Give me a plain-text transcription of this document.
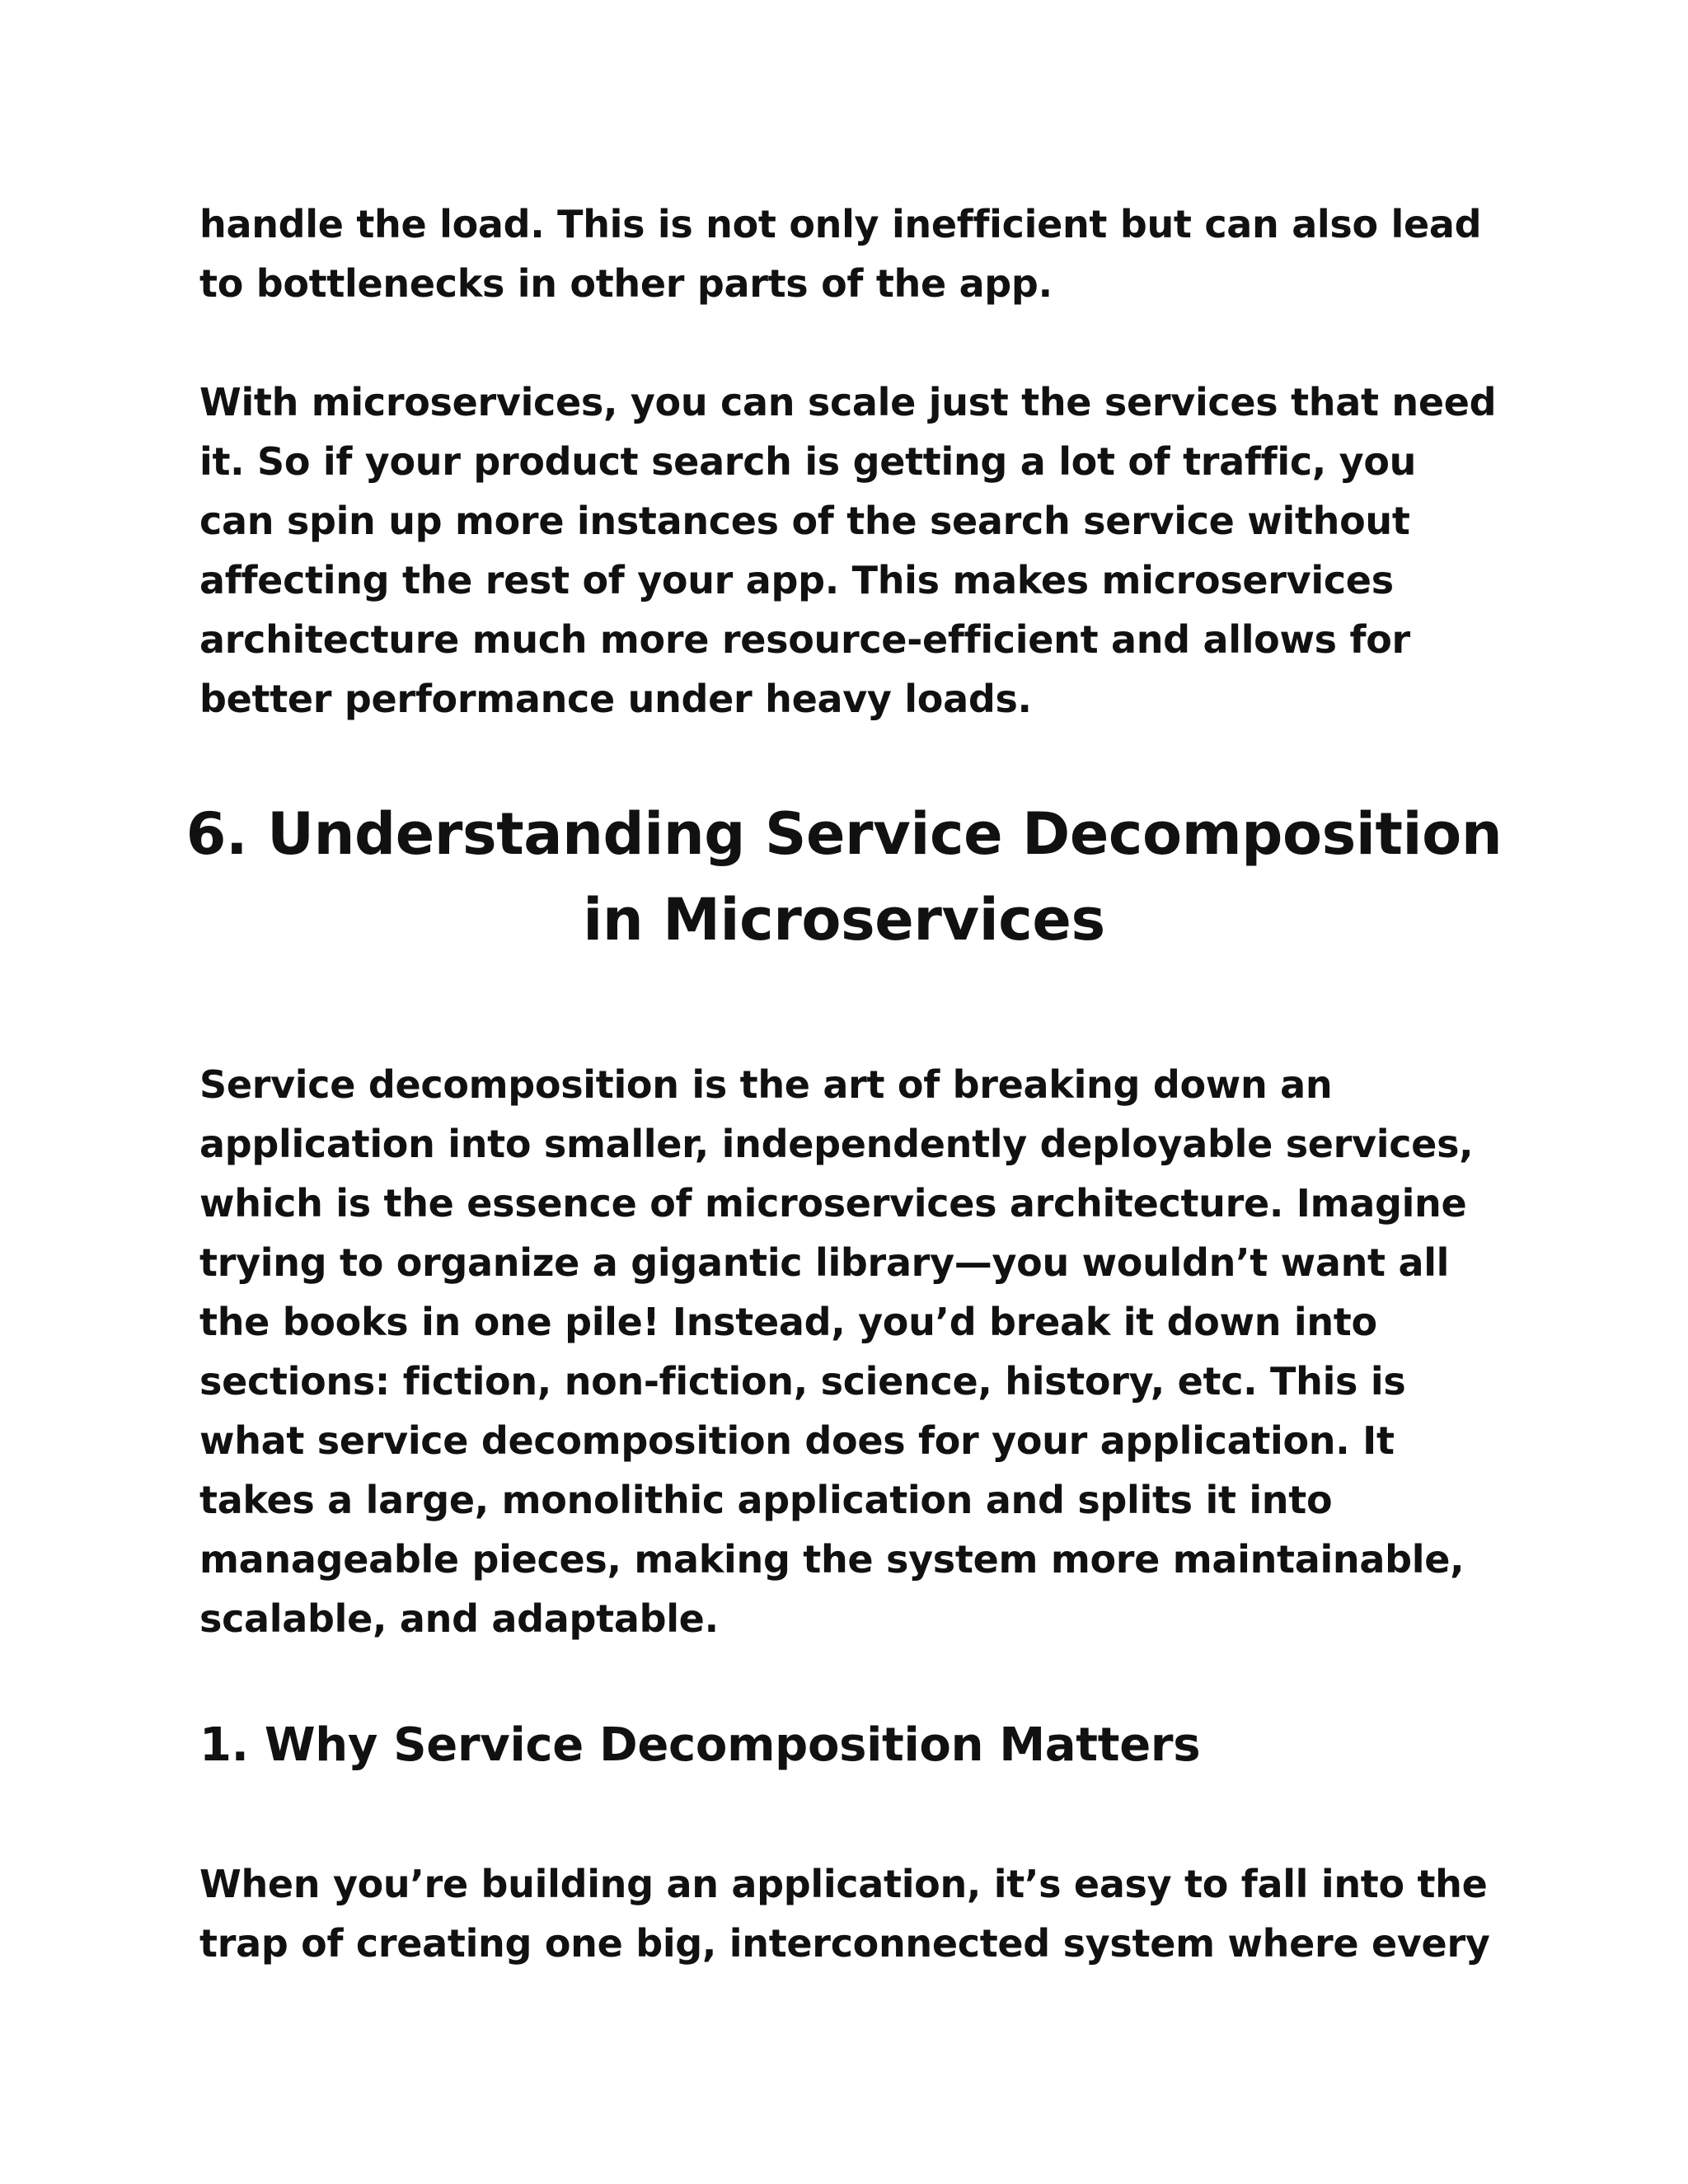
handle the load. This is not only inefficient but can also lead to bottlenecks in other parts of the app.

With microservices, you can scale just the services that need it. So if your product search is getting a lot of traffic, you can spin up more instances of the search service without affecting the rest of your app. This makes microservices architecture much more resource-efficient and allows for better performance under heavy loads.

6. Understanding Service Decomposition in Microservices

Service decomposition is the art of breaking down an application into smaller, independently deployable services, which is the essence of microservices architecture. Imagine trying to organize a gigantic library—you wouldn’t want all the books in one pile! Instead, you’d break it down into sections: fiction, non-fiction, science, history, etc. This is what service decomposition does for your application. It takes a large, monolithic application and splits it into manageable pieces, making the system more maintainable, scalable, and adaptable.

1. Why Service Decomposition Matters

When you’re building an application, it’s easy to fall into the trap of creating one big, interconnected system where every
